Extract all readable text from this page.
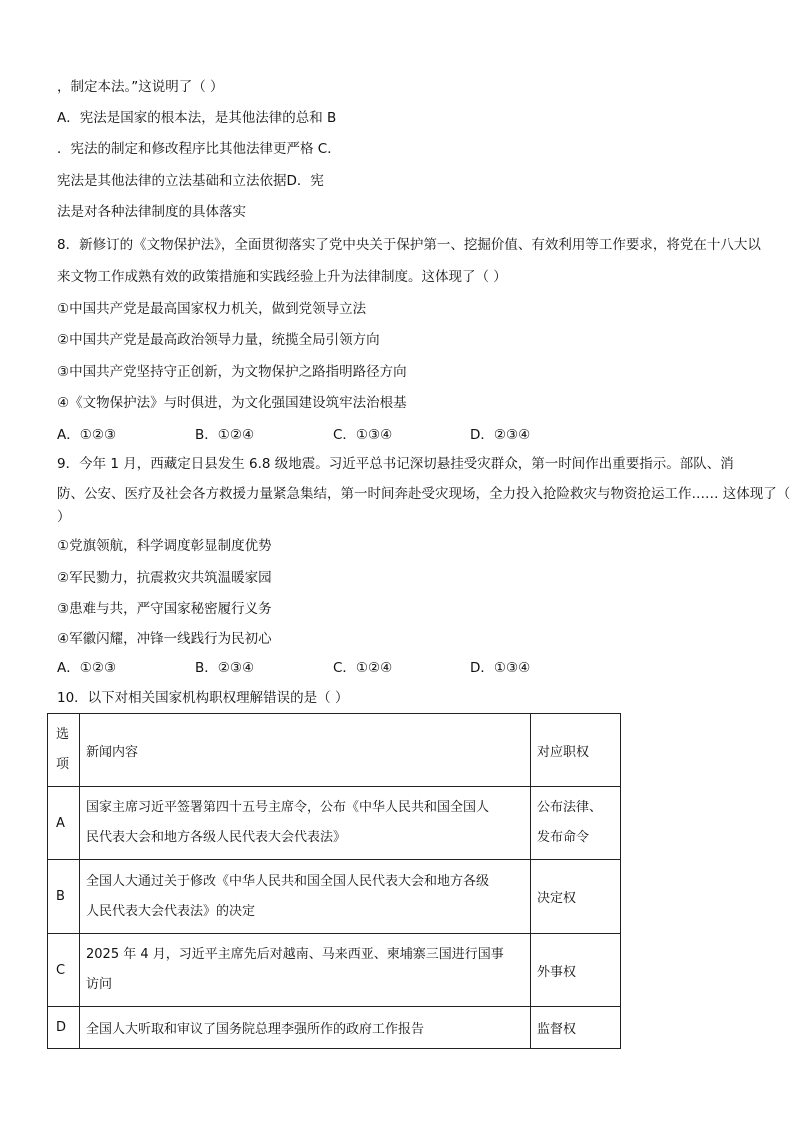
，制定本法。”这说明了（ ）
A．宪法是国家的根本法，是其他法律的总和 B
．宪法的制定和修改程序比其他法律更严格 C．
宪法是其他法律的立法基础和立法依据D．宪
法是对各种法律制度的具体落实
8．新修订的《文物保护法》，全面贯彻落实了党中央关于保护第一、挖掘价值、有效利用等工作要求，将党在十八大以
来文物工作成熟有效的政策措施和实践经验上升为法律制度。这体现了（ ）
①中国共产党是最高国家权力机关，做到党领导立法
②中国共产党是最高政治领导力量，统揽全局引领方向
③中国共产党坚持守正创新，为文物保护之路指明路径方向
④《文物保护法》与时俱进，为文化强国建设筑牢法治根基
A．①②③	B．①②④	C．①③④	D．②③④
9．今年 1 月，西藏定日县发生 6.8 级地震。习近平总书记深切悬挂受灾群众，第一时间作出重要指示。部队、消
防、公安、医疗及社会各方救援力量紧急集结，第一时间奔赴受灾现场，全力投入抢险救灾与物资抢运工作…… 这体现了（
）
①党旗领航，科学调度彰显制度优势
②军民勠力，抗震救灾共筑温暖家园
③患难与共，严守国家秘密履行义务
④军徽闪耀，冲锋一线践行为民初心
A．①②③	B．②③④	C．①②④	D．①③④
10．以下对相关国家机构职权理解错误的是（ ）
选
项	新闻内容	对应职权
A	国家主席习近平签署第四十五号主席令，公布《中华人民共和国全国人
民代表大会和地方各级人民代表大会代表法》	公布法律、
发布命令

B	全国人大通过关于修改《中华人民共和国全国人民代表大会和地方各级
人民代表大会代表法》的决定	决定权
C	2025 年 4 月，习近平主席先后对越南、马来西亚、柬埔寨三国进行国事
访问	外事权
D	全国人大听取和审议了国务院总理李强所作的政府工作报告	监督权
